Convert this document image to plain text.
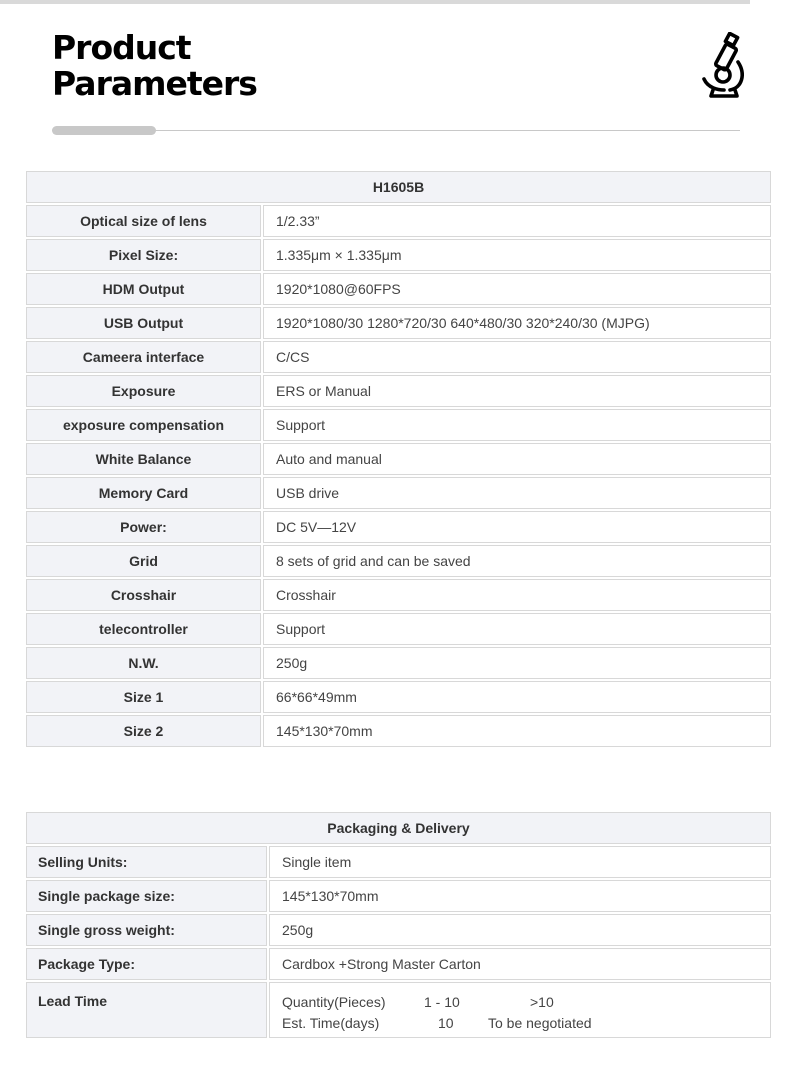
Product
Parameters
H1605B	
Optical size of lens	1/2.33”
Pixel Size:	1.335μm × 1.335μm
HDM Output	1920*1080@60FPS
USB Output	1920*1080/30 1280*720/30 640*480/30 320*240/30 (MJPG)
Cameera interface	C/CS
Exposure	ERS or Manual
exposure compensation	Support
White Balance	Auto and manual
Memory Card	USB drive
Power:	DC 5V—12V
Grid	8 sets of grid and can be saved
Crosshair	Crosshair
telecontroller	Support
N.W.	250g
Size 1	66*66*49mm
Size 2	145*130*70mm
Packaging & Delivery	
Selling Units:	Single item
Single package size:	145*130*70mm
Single gross weight:	250g
Package Type:	Cardbox +Strong Master Carton
Lead Time	Quantity(Pieces) 1 - 10 >10
Est. Time(days) 10 To be negotiated
